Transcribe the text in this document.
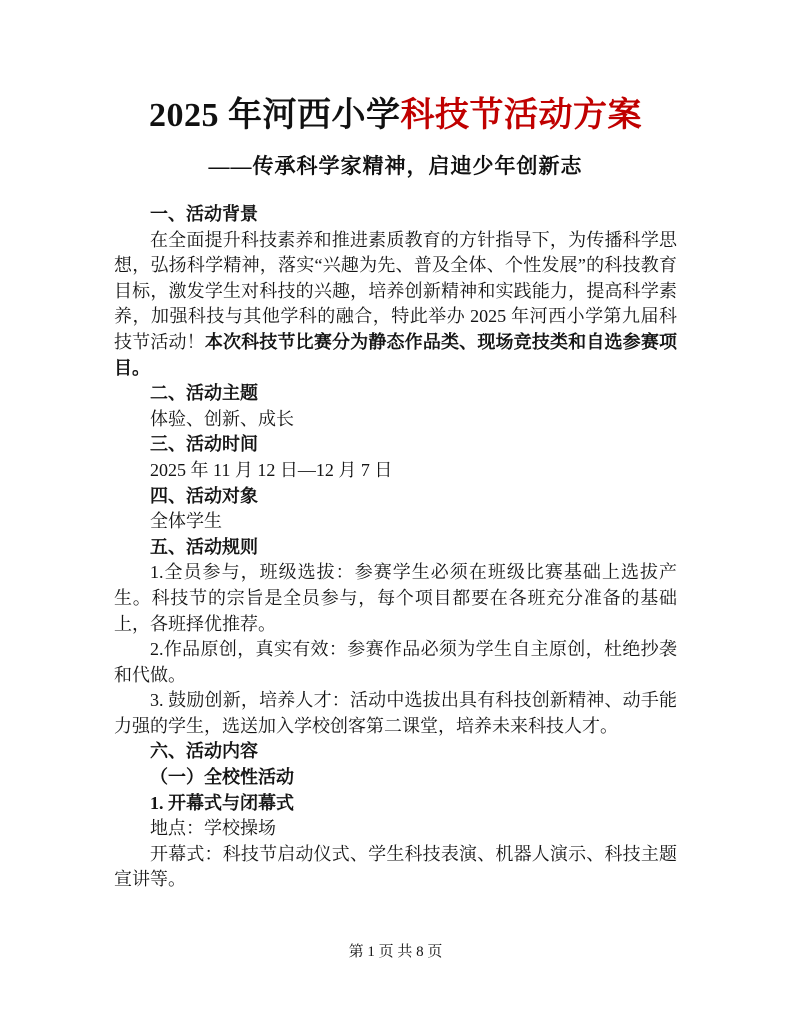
2025 年河西小学科技节活动方案
——传承科学家精神，启迪少年创新志

一、活动背景

在全面提升科技素养和推进素质教育的方针指导下，为传播科学思想，弘扬科学精神，落实“兴趣为先、普及全体、个性发展”的科技教育目标，激发学生对科技的兴趣，培养创新精神和实践能力，提高科学素养，加强科技与其他学科的融合，特此举办 2025 年河西小学第九届科技节活动！本次科技节比赛分为静态作品类、现场竞技类和自选参赛项目。

二、活动主题

体验、创新、成长

三、活动时间

2025 年 11 月 12 日—12 月 7 日

四、活动对象

全体学生

五、活动规则

1.全员参与，班级选拔：参赛学生必须在班级比赛基础上选拔产生。科技节的宗旨是全员参与，每个项目都要在各班充分准备的基础上，各班择优推荐。

2.作品原创，真实有效：参赛作品必须为学生自主原创，杜绝抄袭和代做。

3. 鼓励创新，培养人才：活动中选拔出具有科技创新精神、动手能力强的学生，选送加入学校创客第二课堂，培养未来科技人才。

六、活动内容

（一）全校性活动

1. 开幕式与闭幕式

地点：学校操场

开幕式：科技节启动仪式、学生科技表演、机器人演示、科技主题宣讲等。

第 1 页 共 8 页
